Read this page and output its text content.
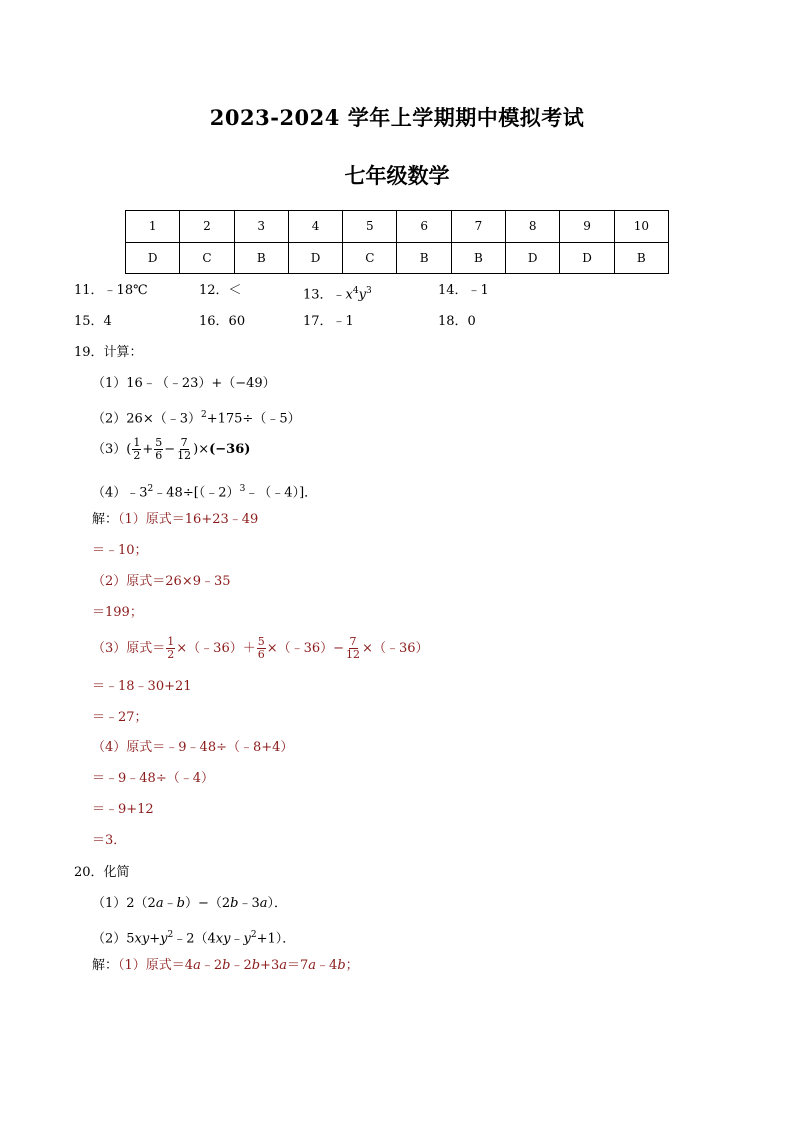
2023-2024 学年上学期期中模拟考试
七年级数学
1	2	3	4	5	6	7	8	9	10
D	C	B	D	C	B	B	D	D	B
11．﹣18℃	12．＜	13．$﹣x^4y^3$	14．﹣1
15．4	16．60	17．﹣1	18．0
19．计算：
（1）16﹣（﹣23）+（−49）
（2）26×（﹣3）$^2$+175÷（﹣5）
$(3)( \frac{1}{2} + \frac{5}{6} - \frac{7}{12} )\times(-36)$
$(4)﹣3^2﹣48\div[(﹣2)^3﹣(﹣4)]$．
解：（1）原式＝16+23﹣49
＝﹣10；
（2）原式＝26×9﹣35
＝199；
（3）原式＝ $\frac{1}{2}$ ×（﹣36）＋ $\frac{5}{6}$ ×（﹣36）− $\frac{7}{12}$ ×（﹣36）
＝﹣18﹣30+21
＝﹣27；
（4）原式＝﹣9﹣48÷（﹣8+4）
＝﹣9﹣48÷（﹣4）
＝﹣9+12
＝3．
20．化简
（1）2（2a﹣b）−（2b﹣3a）．
$(2)5xy+y^2﹣2(4xy﹣y^2+1)$．
解：（1）原式＝4a﹣2b﹣2b+3a＝7a﹣4b；
